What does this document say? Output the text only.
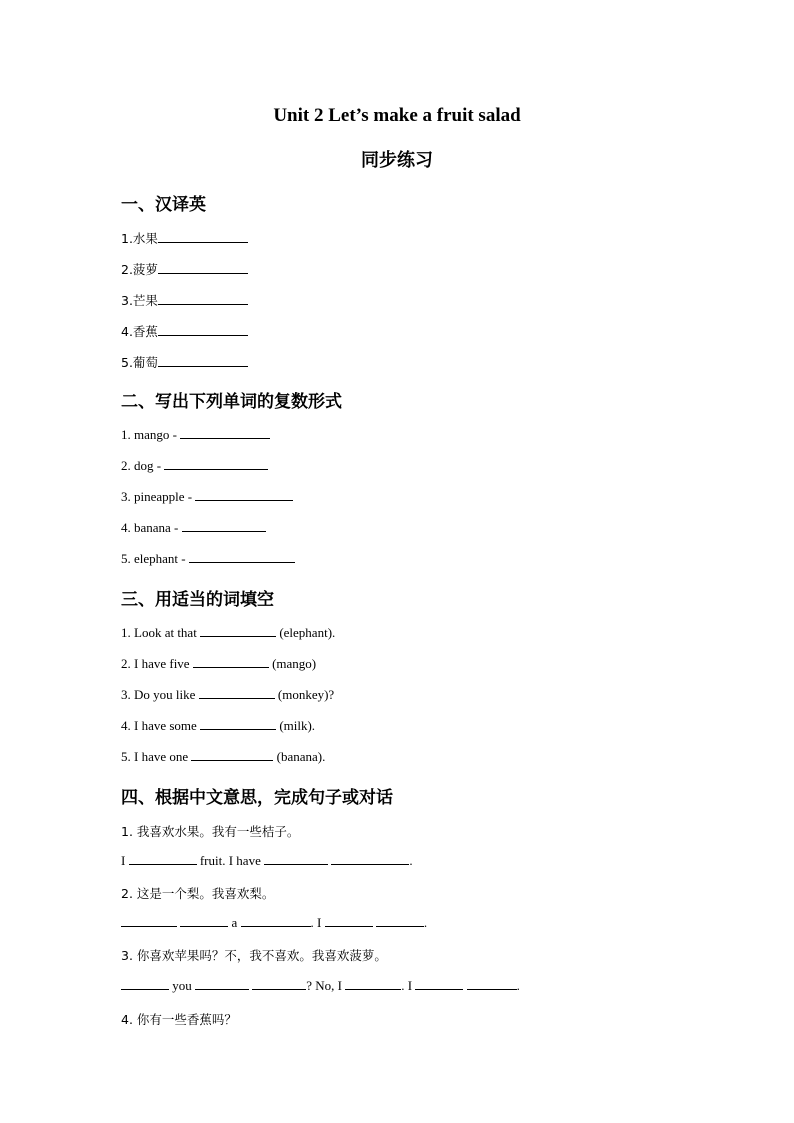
Unit 2 Let’s make a fruit salad
同步练习
一、汉译英
1.水果
2.菠萝
3.芒果
4.香蕉
5.葡萄
二、写出下列单词的复数形式
1. mango -
2. dog -
3. pineapple -
4. banana -
5. elephant -
三、用适当的词填空
1. Look at that	(elephant).
2. I have five	(mango)
3. Do you like	(monkey)?
4. I have some	(milk).
5. I have one	(banana).
四、根据中文意思，完成句子或对话
1. 我喜欢水果。我有一些桔子。
I	fruit. I have	.
2. 这是一个梨。我喜欢梨。
a	. I	.
3. 你喜欢苹果吗？不，我不喜欢。我喜欢菠萝。
you	? No, I	. I	.
4. 你有一些香蕉吗？
